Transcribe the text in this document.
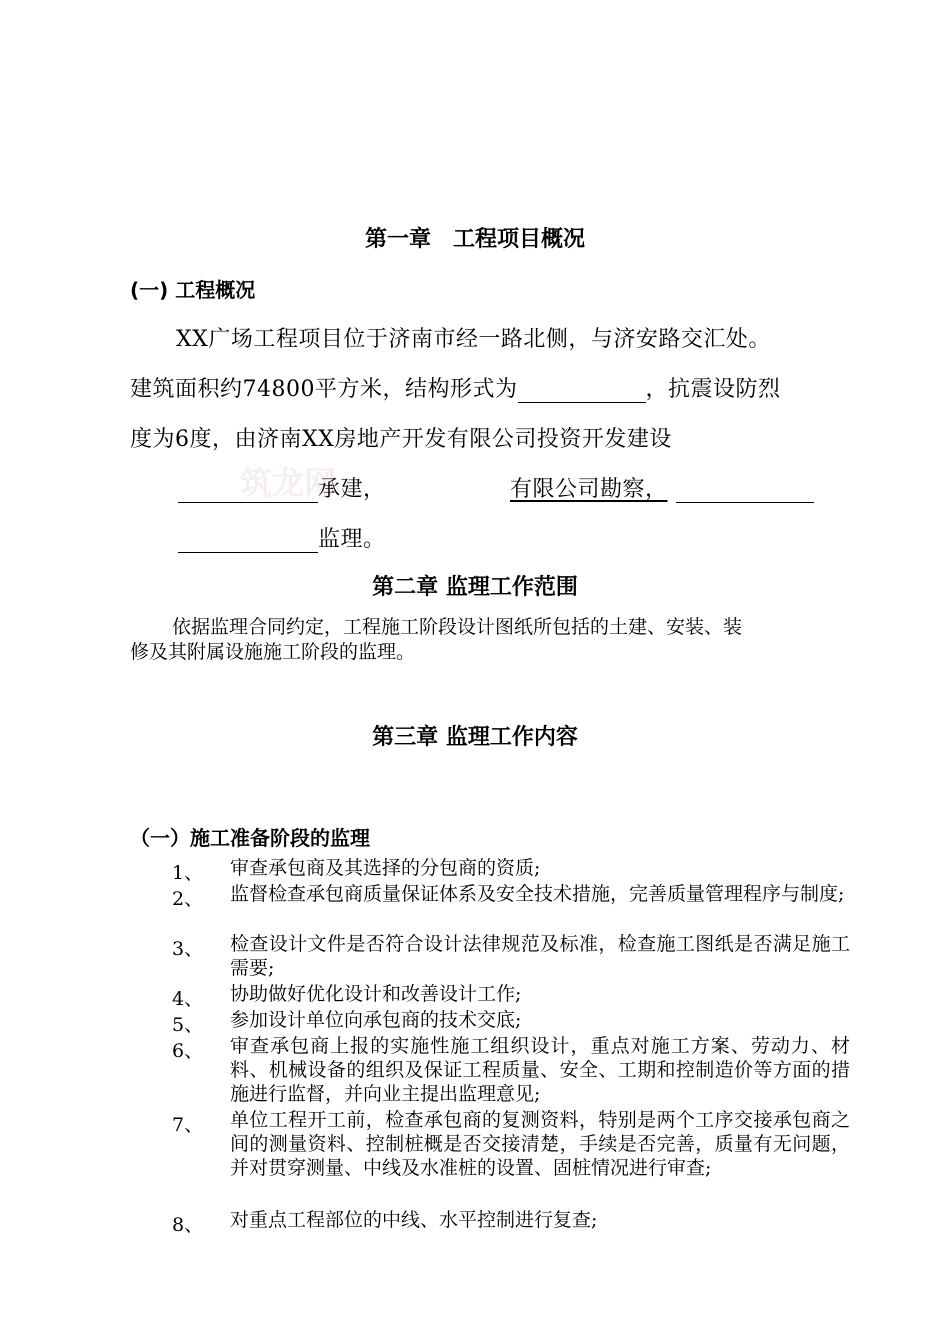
第一章　工程项目概况
(一) 工程概况
XX广场工程项目位于济南市经一路北侧，与济安路交汇处。
建筑面积约74800平方米，结构形式为	，抗震设防烈
度为6度，由济南XX房地产开发有限公司投资开发建设
筑龙网
承建，	有限公司勘察，
监理。
第二章 监理工作范围
依据监理合同约定，工程施工阶段设计图纸所包括的土建、安装、装
修及其附属设施施工阶段的监理。
第三章 监理工作内容
（一）施工准备阶段的监理
1、 审查承包商及其选择的分包商的资质;
2、 监督检查承包商质量保证体系及安全技术措施，完善质量管理程序与制度;
3、 检查设计文件是否符合设计法律规范及标准，检查施工图纸是否满足施工需要;
4、 协助做好优化设计和改善设计工作;
5、 参加设计单位向承包商的技术交底;
6、 审查承包商上报的实施性施工组织设计，重点对施工方案、劳动力、材料、机械设备的组织及保证工程质量、安全、工期和控制造价等方面的措施进行监督，并向业主提出监理意见;
7、 单位工程开工前，检查承包商的复测资料，特别是两个工序交接承包商之间的测量资料、控制桩概是否交接清楚，手续是否完善，质量有无问题，并对贯穿测量、中线及水准桩的设置、固桩情况进行审查;
8、 对重点工程部位的中线、水平控制进行复查;
